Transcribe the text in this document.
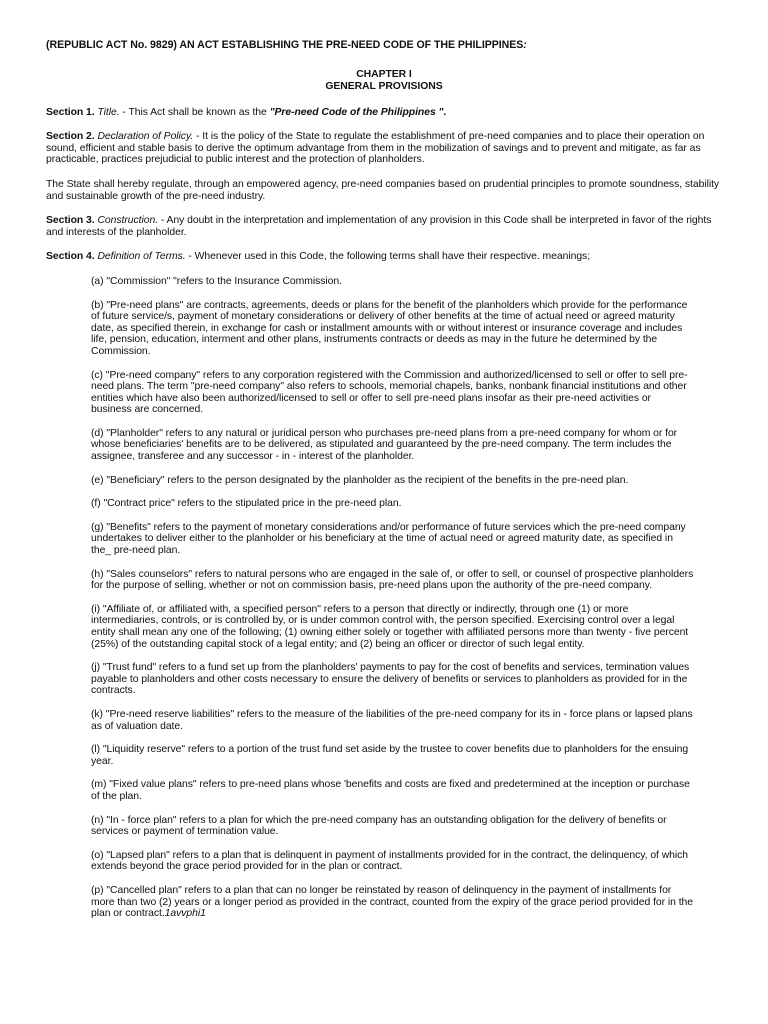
(REPUBLIC ACT No. 9829) AN ACT ESTABLISHING THE PRE-NEED CODE OF THE PHILIPPINES:
CHAPTER I
GENERAL PROVISIONS

Section 1. Title. - This Act shall be known as the "Pre-need Code of the Philippines ".

Section 2. Declaration of Policy. - It is the policy of the State to regulate the establishment of pre-need companies and to place their operation on sound, efficient and stable basis to derive the optimum advantage from them in the mobilization of savings and to prevent and mitigate, as far as practicable, practices prejudicial to public interest and the protection of planholders.

The State shall hereby regulate, through an empowered agency, pre-need companies based on prudential principles to promote soundness, stability and sustainable growth of the pre-need industry.

Section 3. Construction. - Any doubt in the interpretation and implementation of any provision in this Code shall be interpreted in favor of the rights and interests of the planholder.

Section 4. Definition of Terms. - Whenever used in this Code, the following terms shall have their respective. meanings;

(a) "Commission" "refers to the Insurance Commission.

(b) "Pre-need plans" are contracts, agreements, deeds or plans for the benefit of the planholders which provide for the performance of future service/s, payment of monetary considerations or delivery of other benefits at the time of actual need or agreed maturity date, as specified therein, in exchange for cash or installment amounts with or without interest or insurance coverage and includes life, pension, education, interment and other plans, instruments contracts or deeds as may in the future he determined by the Commission.

(c) "Pre-need company" refers to any corporation registered with the Commission and authorized/licensed to sell or offer to sell pre-need plans. The term "pre-need company" also refers to schools, memorial chapels, banks, nonbank financial institutions and other entities which have also been authorized/licensed to sell or offer to sell pre-need plans insofar as their pre-need activities or business are concerned.

(d) "Planholder" refers to any natural or juridical person who purchases pre-need plans from a pre-need company for whom or for whose beneficiaries' benefits are to be delivered, as stipulated and guaranteed by the pre-need company. The term includes the assignee, transferee and any successor - in - interest of the planholder.

(e) "Beneficiary" refers to the person designated by the planholder as the recipient of the benefits in the pre-need plan.

(f) "Contract price" refers to the stipulated price in the pre-need plan.

(g) "Benefits" refers to the payment of monetary considerations and/or performance of future services which the pre-need company undertakes to deliver either to the planholder or his beneficiary at the time of actual need or agreed maturity date, as specified in the_ pre-need plan.

(h) "Sales counselors" refers to natural persons who are engaged in the sale of, or offer to sell, or counsel of prospective planholders for the purpose of selling, whether or not on commission basis, pre-need plans upon the authority of the pre-need company.

(i) "Affiliate of, or affiliated with, a specified person" refers to a person that directly or indirectly, through one (1) or more intermediaries, controls, or is controlled by, or is under common control with, the person specified. Exercising control over a legal entity shall mean any one of the following; (1) owning either solely or together with affiliated persons more than twenty - five percent (25%) of the outstanding capital stock of a legal entity; and (2) being an officer or director of such legal entity.

(j) "Trust fund" refers to a fund set up from the planholders' payments to pay for the cost of benefits and services, termination values payable to planholders and other costs necessary to ensure the delivery of benefits or services to planholders as provided for in the contracts.

(k) "Pre-need reserve liabilities" refers to the measure of the liabilities of the pre-need company for its in - force plans or lapsed plans as of valuation date.

(l) "Liquidity reserve" refers to a portion of the trust fund set aside by the trustee to cover benefits due to planholders for the ensuing year.

(m) "Fixed value plans" refers to pre-need plans whose 'benefits and costs are fixed and predetermined at the inception or purchase of the plan.

(n) "In - force plan" refers to a plan for which the pre-need company has an outstanding obligation for the delivery of benefits or services or payment of termination value.

(o) "Lapsed plan" refers to a plan that is delinquent in payment of installments provided for in the contract, the delinquency, of which extends beyond the grace period provided for in the plan or contract.

(p) "Cancelled plan" refers to a plan that can no longer be reinstated by reason of delinquency in the payment of installments for more than two (2) years or a longer period as provided in the contract, counted from the expiry of the grace period provided for in the plan or contract.1avvphi1
